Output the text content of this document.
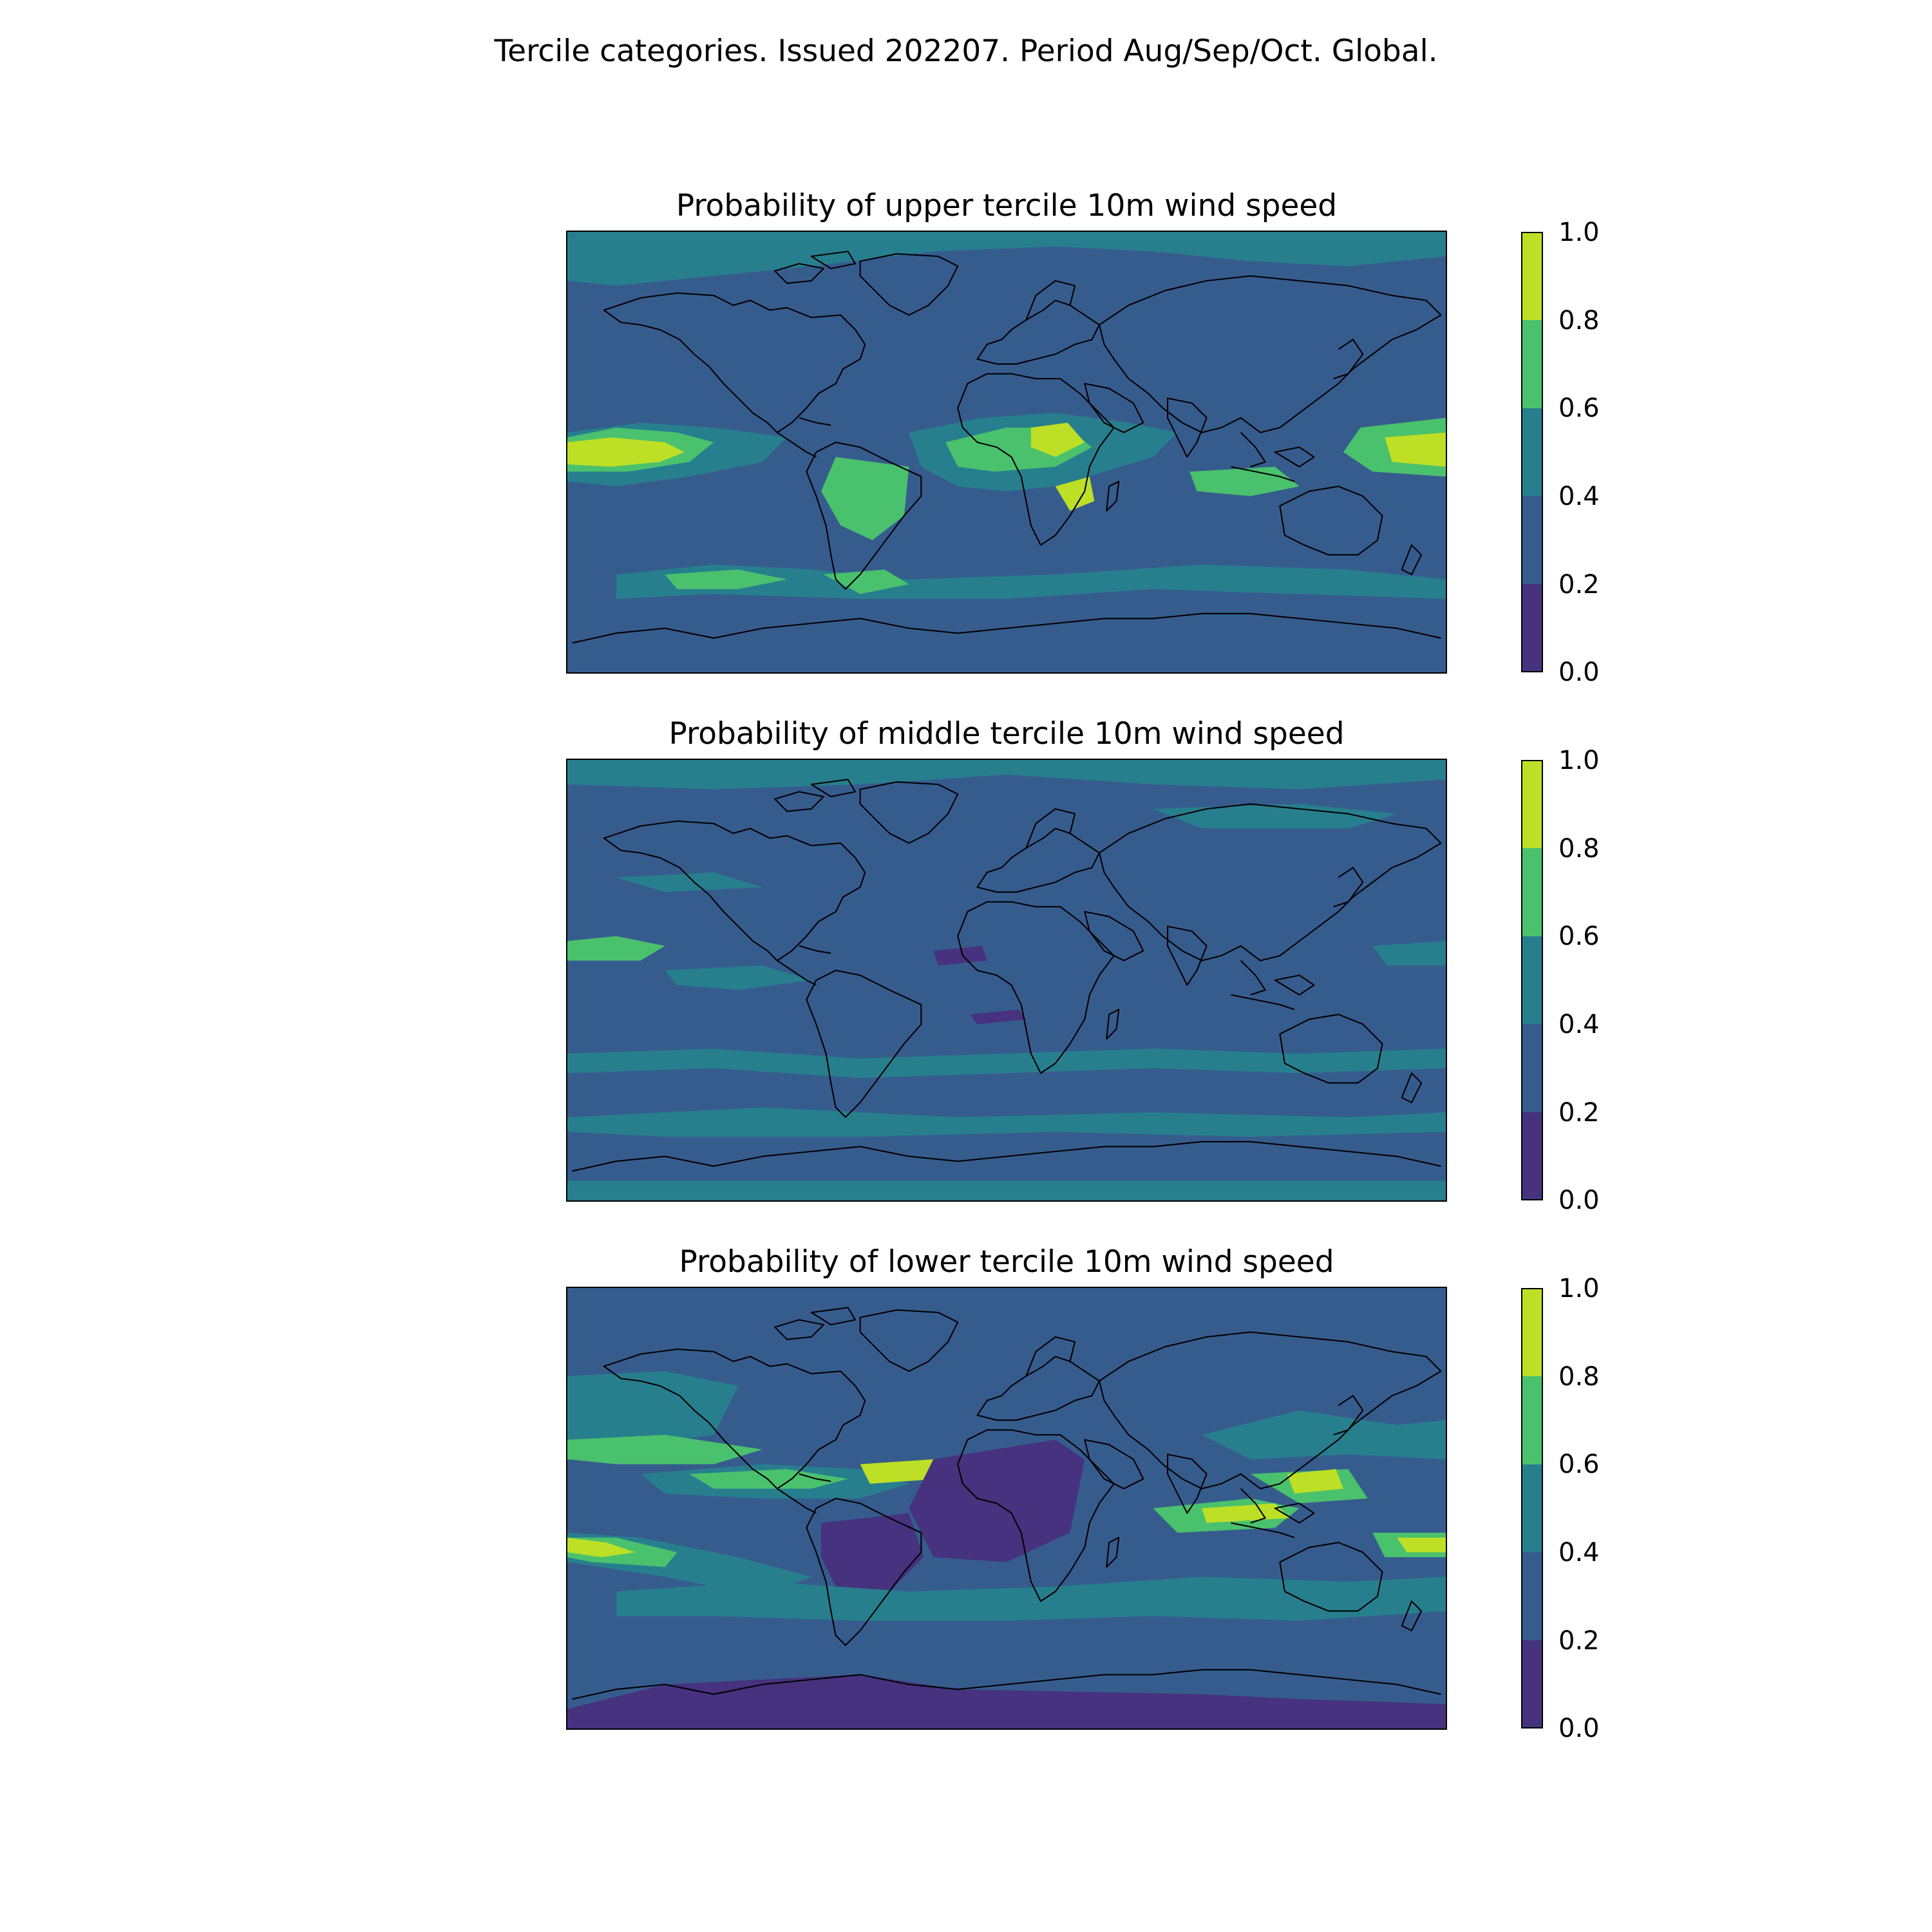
Tercile categories. Issued 202207. Period Aug/Sep/Oct. Global.
Probability of upper tercile 10m wind speed
1.0
0.8
0.6
0.4
0.2
0.0
Probability of middle tercile 10m wind speed
1.0
0.8
0.6
0.4
0.2
0.0
Probability of lower tercile 10m wind speed
1.0
0.8
0.6
0.4
0.2
0.0
